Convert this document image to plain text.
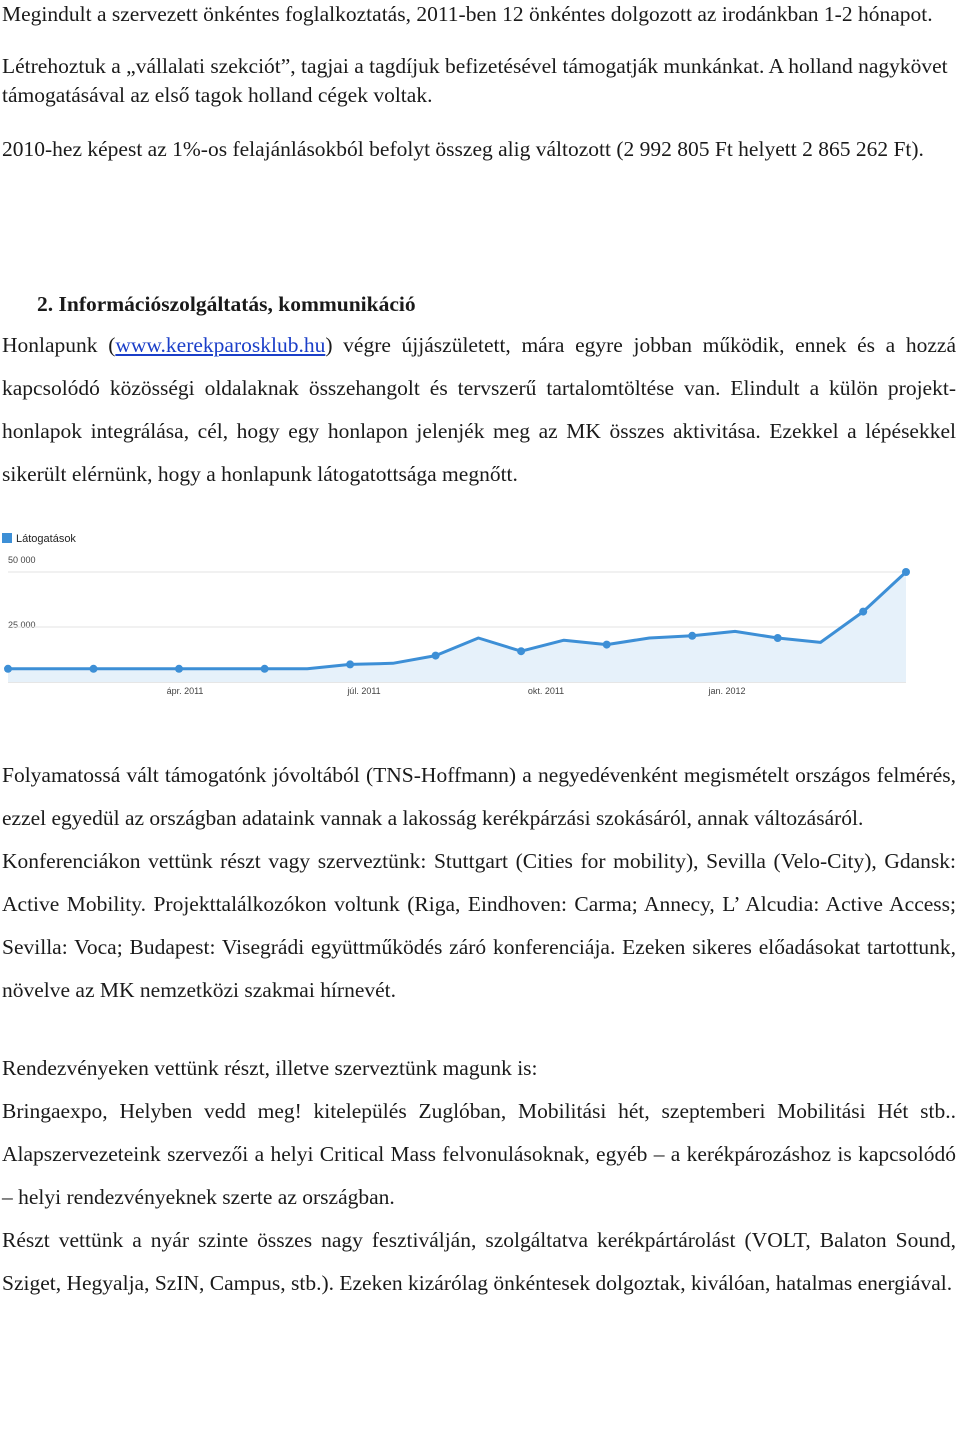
Megindult a szervezett önkéntes foglalkoztatás, 2011-ben 12 önkéntes dolgozott az irodánkban 1-2 hónapot.

Létrehoztuk a „vállalati szekciót”, tagjai a tagdíjuk befizetésével támogatják munkánkat. A holland nagykövet támogatásával az első tagok holland cégek voltak.

2010-hez képest az 1%-os felajánlásokból befolyt összeg alig változott (2 992 805 Ft helyett 2 865 262 Ft).

2. Információszolgáltatás, kommunikáció

Honlapunk (www.kerekparosklub.hu) végre újjászületett, mára egyre jobban működik, ennek és a hozzá kapcsolódó közösségi oldalaknak összehangolt és tervszerű tartalomtöltése van. Elindult a külön projekt-honlapok integrálása, cél, hogy egy honlapon jelenjék meg az MK összes aktivitása. Ezekkel a lépésekkel sikerült elérnünk, hogy a honlapunk látogatottsága megnőtt.

Látogatások
50 000
25 000
ápr. 2011	júl. 2011	okt. 2011	jan. 2012

Folyamatossá vált támogatónk jóvoltából (TNS-Hoffmann) a negyedévenként megismételt országos felmérés, ezzel egyedül az országban adataink vannak a lakosság kerékpárzási szokásáról, annak változásáról.

Konferenciákon vettünk részt vagy szerveztünk: Stuttgart (Cities for mobility), Sevilla (Velo-City), Gdansk: Active Mobility. Projekttalálkozókon voltunk (Riga, Eindhoven: Carma; Annecy, L’ Alcudia: Active Access; Sevilla: Voca; Budapest: Visegrádi együttműködés záró konferenciája. Ezeken sikeres előadásokat tartottunk, növelve az MK nemzetközi szakmai hírnevét.

Rendezvényeken vettünk részt, illetve szerveztünk magunk is:

Bringaexpo, Helyben vedd meg! kitelepülés Zuglóban, Mobilitási hét, szeptemberi Mobilitási Hét stb.. Alapszervezeteink szervezői a helyi Critical Mass felvonulásoknak, egyéb – a kerékpározáshoz is kapcsolódó – helyi rendezvényeknek szerte az országban.

Részt vettünk a nyár szinte összes nagy fesztiválján, szolgáltatva kerékpártárolást (VOLT, Balaton Sound, Sziget, Hegyalja, SzIN, Campus, stb.). Ezeken kizárólag önkéntesek dolgoztak, kiválóan, hatalmas energiával.
